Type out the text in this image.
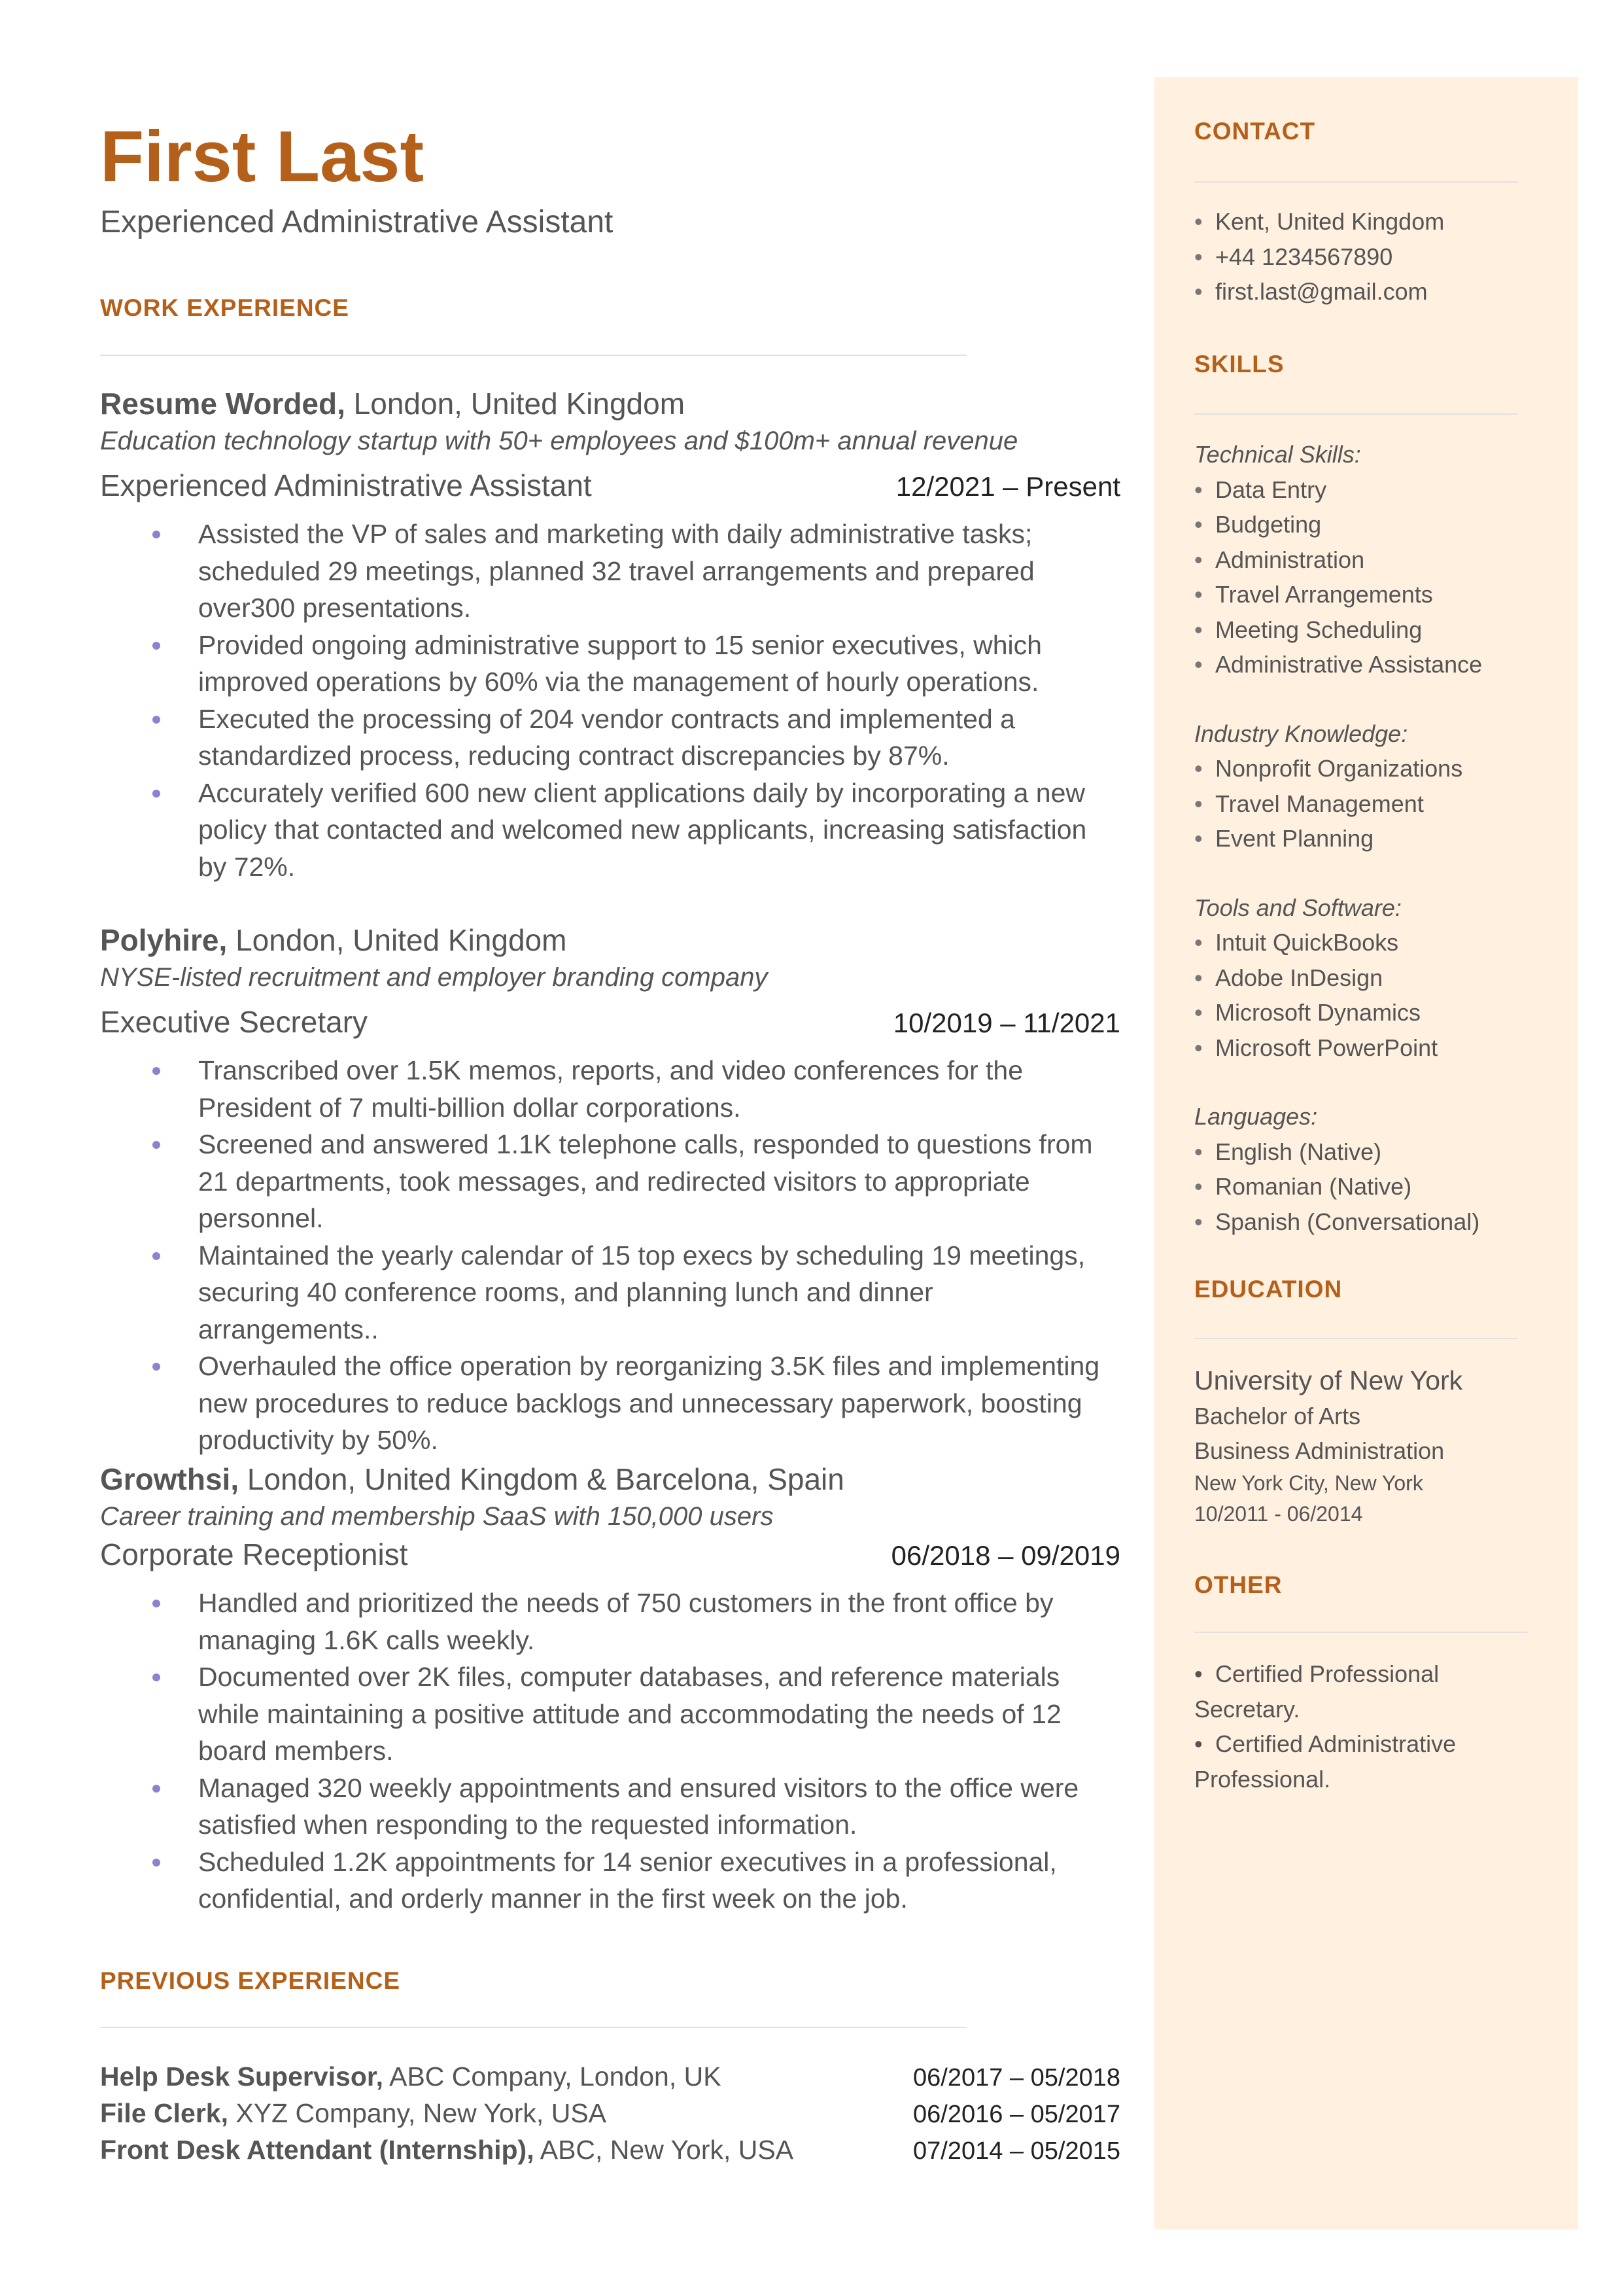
First Last
Experienced Administrative Assistant
WORK EXPERIENCE

Resume Worded, London, United Kingdom

Education technology startup with 50+ employees and $100m+ annual revenue

Experienced Administrative Assistant	12/2021 – Present
Assisted the VP of sales and marketing with daily administrative tasks; scheduled 29 meetings, planned 32 travel arrangements and prepared over300 presentations.
Provided ongoing administrative support to 15 senior executives, which improved operations by 60% via the management of hourly operations.
Executed the processing of 204 vendor contracts and implemented a standardized process, reducing contract discrepancies by 87%.
Accurately verified 600 new client applications daily by incorporating a new policy that contacted and welcomed new applicants, increasing satisfaction by 72%.

Polyhire, London, United Kingdom

NYSE-listed recruitment and employer branding company

Executive Secretary	10/2019 – 11/2021
Transcribed over 1.5K memos, reports, and video conferences for the President of 7 multi-billion dollar corporations.
Screened and answered 1.1K telephone calls, responded to questions from 21 departments, took messages, and redirected visitors to appropriate personnel.
Maintained the yearly calendar of 15 top execs by scheduling 19 meetings, securing 40 conference rooms, and planning lunch and dinner arrangements..
Overhauled the office operation by reorganizing 3.5K files and implementing new procedures to reduce backlogs and unnecessary paperwork, boosting productivity by 50%.

Growthsi, London, United Kingdom & Barcelona, Spain

Career training and membership SaaS with 150,000 users

Corporate Receptionist	06/2018 – 09/2019
Handled and prioritized the needs of 750 customers in the front office by managing 1.6K calls weekly.
Documented over 2K files, computer databases, and reference materials while maintaining a positive attitude and accommodating the needs of 12 board members.
Managed 320 weekly appointments and ensured visitors to the office were satisfied when responding to the requested information.
Scheduled 1.2K appointments for 14 senior executives in a professional, confidential, and orderly manner in the first week on the job.
PREVIOUS EXPERIENCE
Help Desk Supervisor, ABC Company, London, UK	06/2017 – 05/2018
File Clerk, XYZ Company, New York, USA	06/2016 – 05/2017
Front Desk Attendant (Internship), ABC, New York, USA	07/2014 – 05/2015
CONTACT
• Kent, United Kingdom
• +44 1234567890
• first.last@gmail.com
SKILLS
Technical Skills:
• Data Entry
• Budgeting
• Administration
• Travel Arrangements
• Meeting Scheduling
• Administrative Assistance
Industry Knowledge:
• Nonprofit Organizations
• Travel Management
• Event Planning
Tools and Software:
• Intuit QuickBooks
• Adobe InDesign
• Microsoft Dynamics
• Microsoft PowerPoint
Languages:
• English (Native)
• Romanian (Native)
• Spanish (Conversational)
EDUCATION
University of New York
Bachelor of Arts
Business Administration
New York City, New York
10/2011 - 06/2014
OTHER
• Certified Professional Secretary.
• Certified Administrative Professional.
